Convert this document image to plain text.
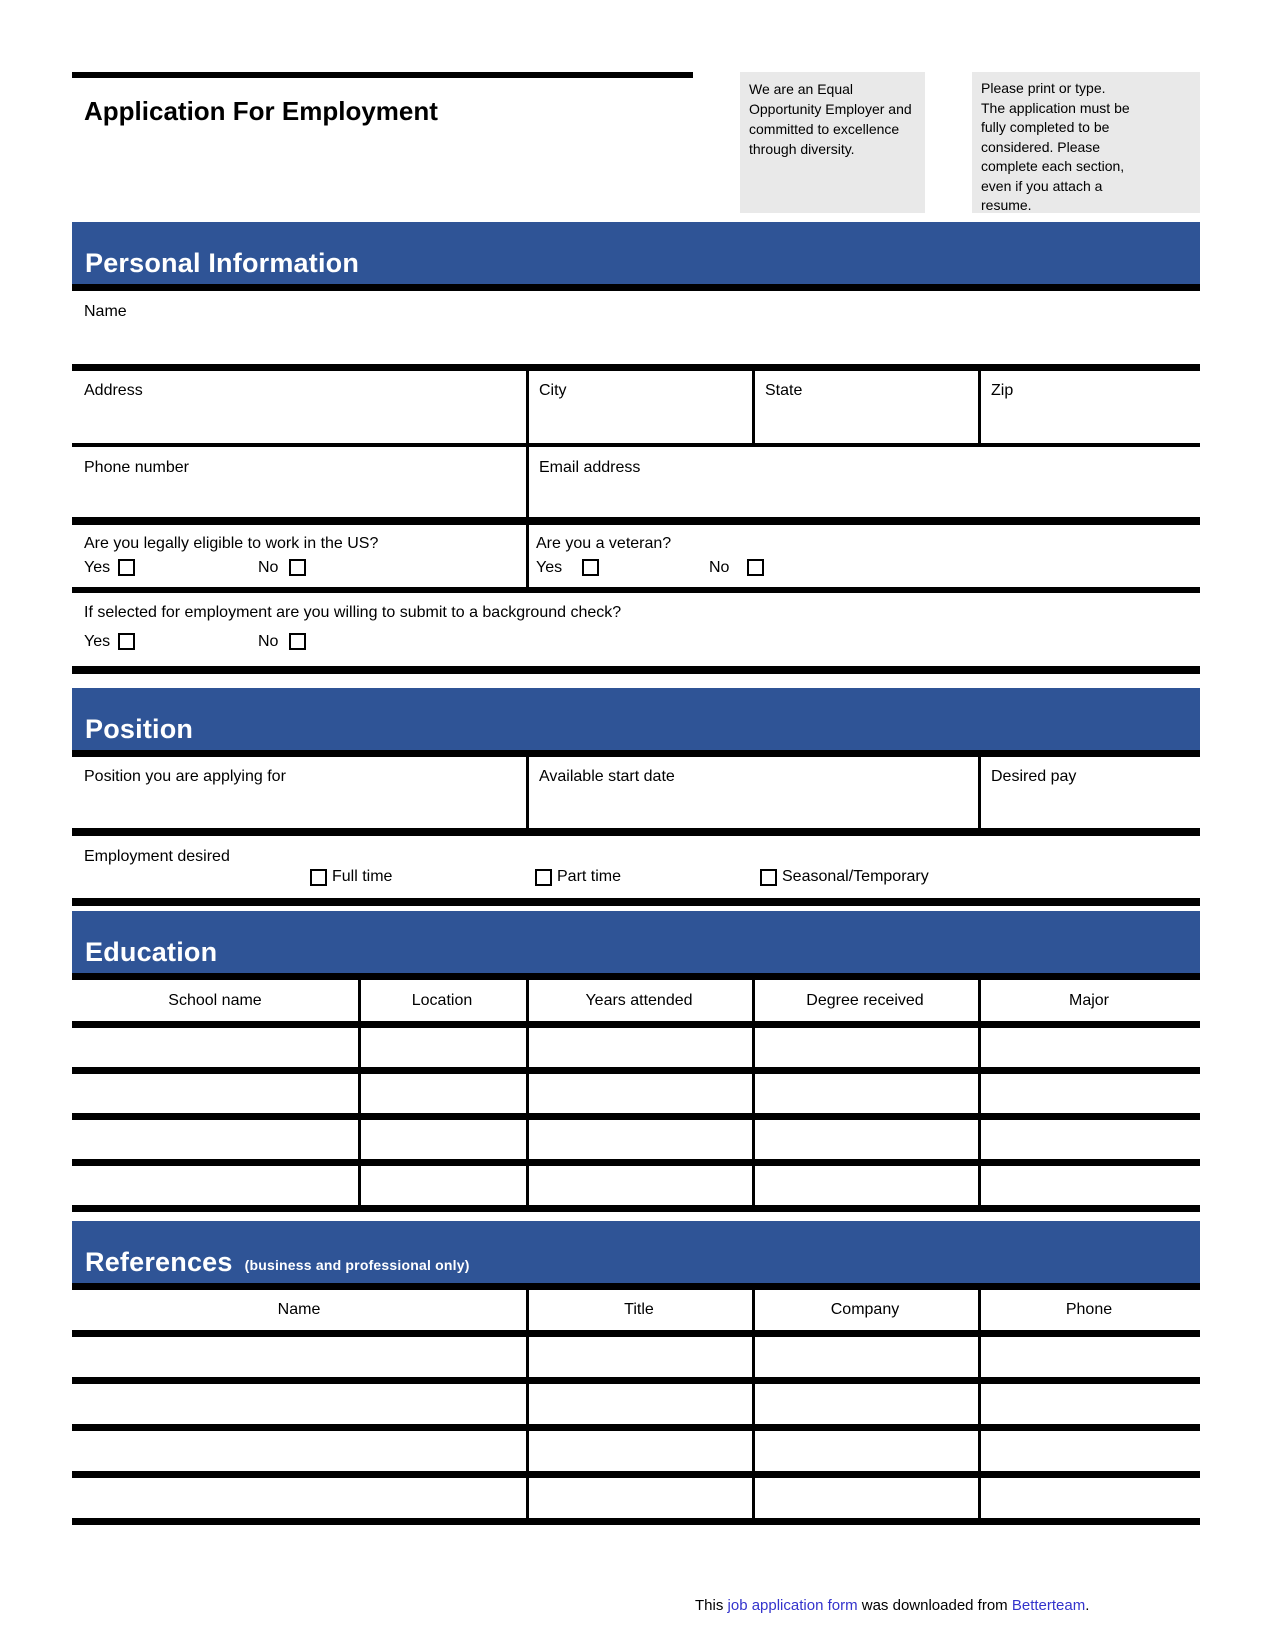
Application For Employment
We are an Equal
Opportunity Employer and
committed to excellence
through diversity.
Please print or type.
The application must be
fully completed to be
considered. Please
complete each section,
even if you attach a
resume.
Personal Information
Name
Address	City	State	Zip
Phone number	Email address
Are you legally eligible to work in the US?
Yes	No
Are you a veteran?
Yes	No
If selected for employment are you willing to submit to a background check?
Yes	No
Position
Position you are applying for	Available start date	Desired pay
Employment desired
Full time	Part time	Seasonal/Temporary
Education
School name	Location	Years attended	Degree received	Major
References (business and professional only)
Name	Title	Company	Phone
This job application form was downloaded from Betterteam.
